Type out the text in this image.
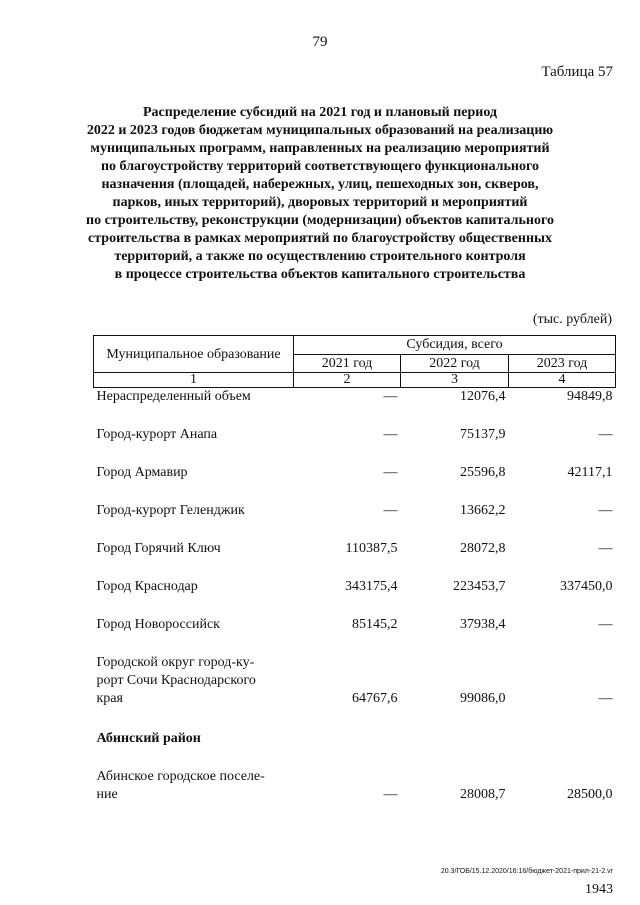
79
Таблица 57
Распределение субсидий на 2021 год и плановый период
2022 и 2023 годов бюджетам муниципальных образований на реализацию
муниципальных программ, направленных на реализацию мероприятий
по благоустройству территорий соответствующего функционального
назначения (площадей, набережных, улиц, пешеходных зон, скверов,
парков, иных территорий), дворовых территорий и мероприятий
по строительству, реконструкции (модернизации) объектов капитального
строительства в рамках мероприятий по благоустройству общественных
территорий, а также по осуществлению строительного контроля
в процессе строительства объектов капитального строительства
(тыс. рублей)
Муниципальное образование	Субсидия, всего		
	2021 год	2022 год	2023 год
1	2	3	4
Нераспределенный объем	—	12076,4	94849,8
Город-курорт Анапа	—	75137,9	—
Город Армавир	—	25596,8	42117,1
Город-курорт Геленджик	—	13662,2	—
Город Горячий Ключ	110387,5	28072,8	—
Город Краснодар	343175,4	223453,7	337450,0
Город Новороссийск	85145,2	37938,4	—

Городской округ город-ку-
рорт Сочи Краснодарского
края	64767,6	99086,0	—
Абинский район			

Абинское городское поселе-
ние	—	28008,7	28500,0
20.3/ГОБ/15.12.2020/16:16/бюджет-2021-прил-21-2.vr
1943
